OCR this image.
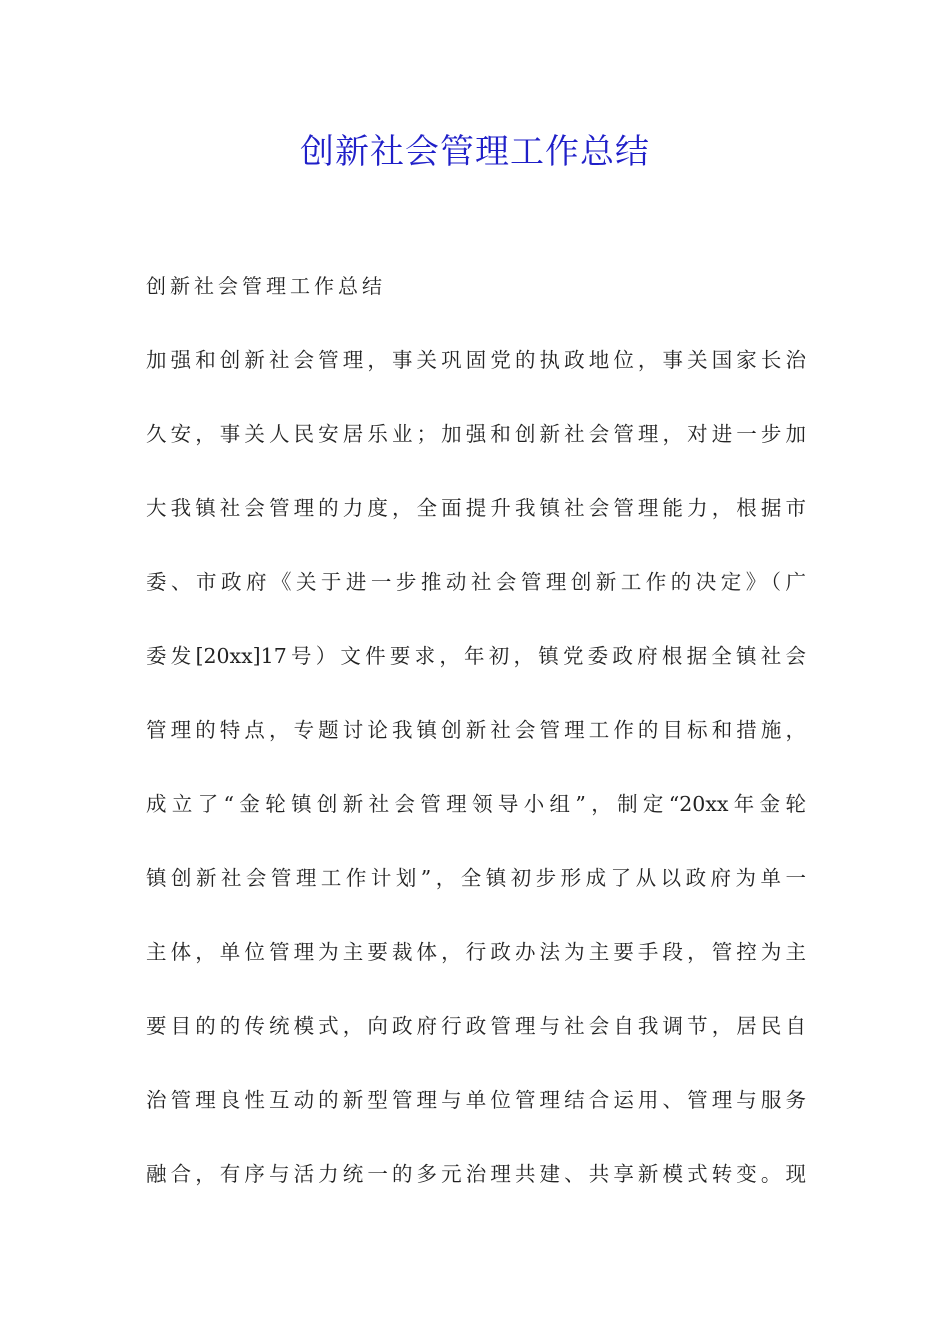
创新社会管理工作总结
创新社会管理工作总结
加强和创新社会管理，事关巩固党的执政地位，事关国家长治
久安，事关人民安居乐业；加强和创新社会管理，对进一步加
大我镇社会管理的力度，全面提升我镇社会管理能力，根据市
委、市政府《关于进一步推动社会管理创新工作的决定》（广
委发[20xx]17号）文件要求，年初，镇党委政府根据全镇社会
管理的特点，专题讨论我镇创新社会管理工作的目标和措施，
成立了“金轮镇创新社会管理领导小组”，制定“20xx年金轮
镇创新社会管理工作计划”，全镇初步形成了从以政府为单一
主体，单位管理为主要裁体，行政办法为主要手段，管控为主
要目的的传统模式，向政府行政管理与社会自我调节，居民自
治管理良性互动的新型管理与单位管理结合运用、管理与服务
融合，有序与活力统一的多元治理共建、共享新模式转变。现
